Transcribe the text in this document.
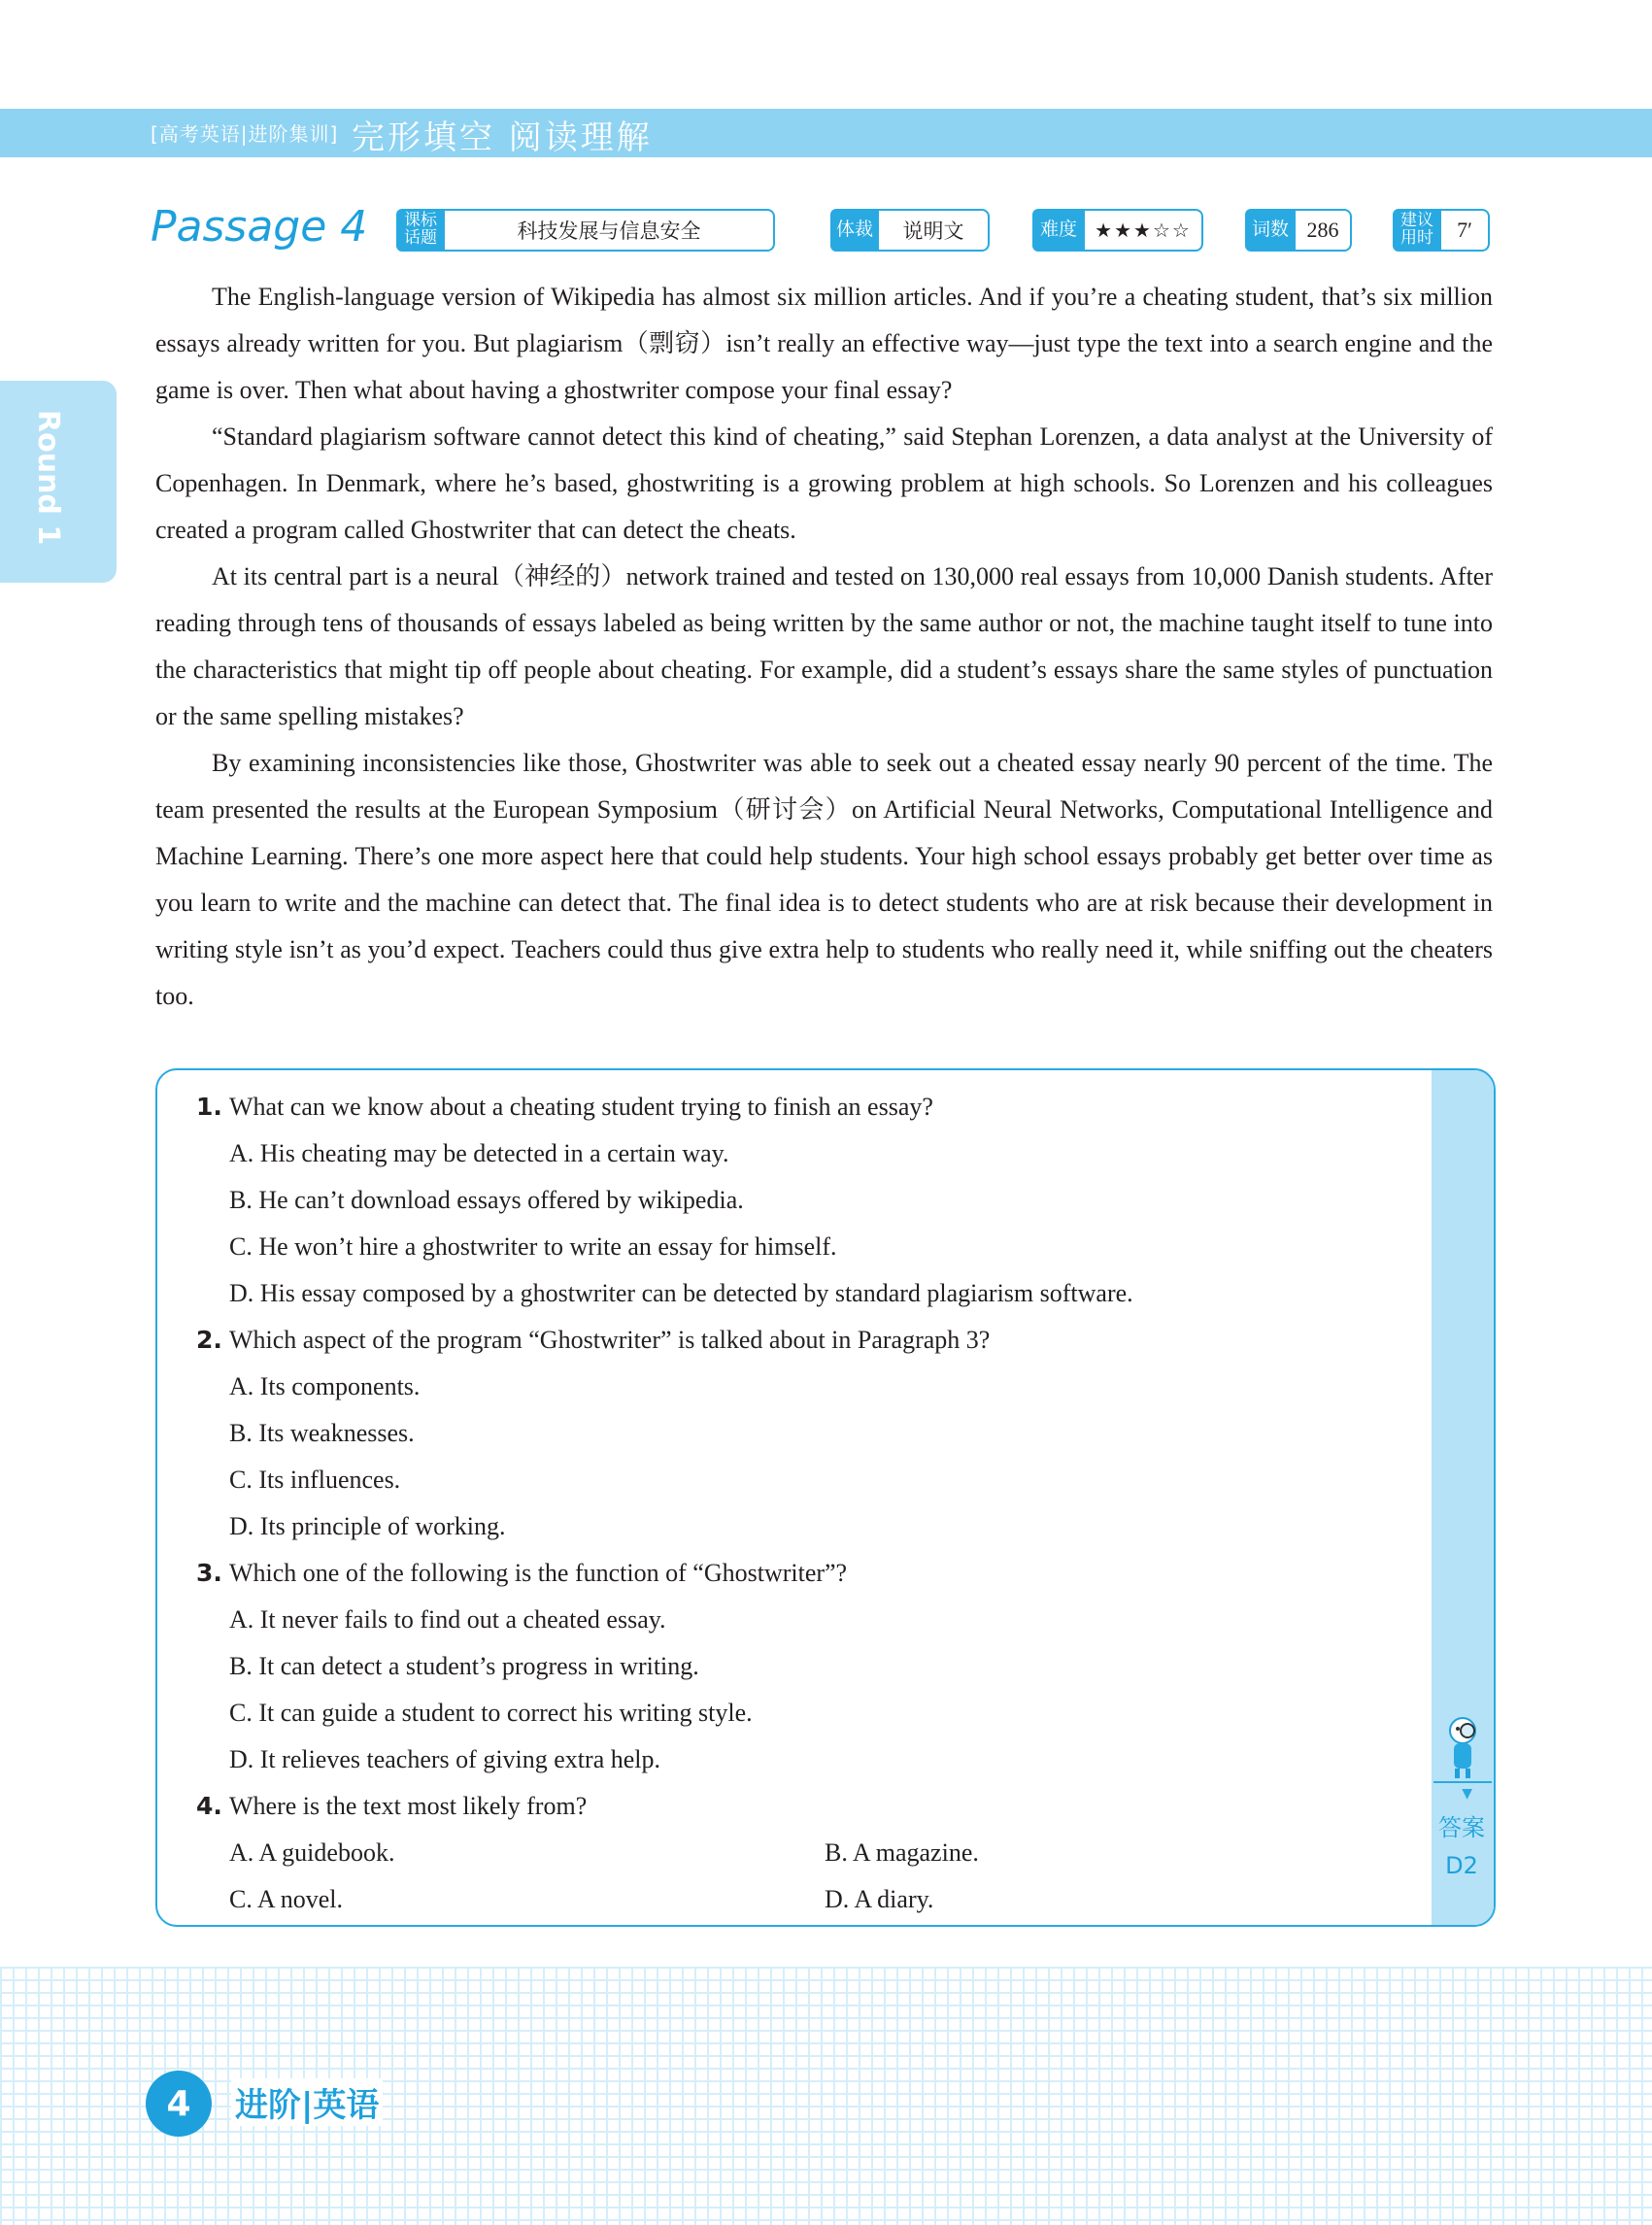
[高考英语|进阶集训] 完形填空 阅读理解
Round 1
Passage 4	课标话题	科技发展与信息安全	体裁	说明文	难度 ★★★☆☆	词数 286	建议用时	7′

The English-language version of Wikipedia has almost six million articles. And if you’re a cheating student, that’s six million essays already written for you. But plagiarism（剽窃）isn’t really an effective way—just type the text into a search engine and the game is over. Then what about having a ghostwriter compose your final essay?

“Standard plagiarism software cannot detect this kind of cheating,” said Stephan Lorenzen, a data analyst at the University of Copenhagen. In Denmark, where he’s based, ghostwriting is a growing problem at high schools. So Lorenzen and his colleagues created a program called Ghostwriter that can detect the cheats.

At its central part is a neural（神经的）network trained and tested on 130,000 real essays from 10,000 Danish students. After reading through tens of thousands of essays labeled as being written by the same author or not, the machine taught itself to tune into the characteristics that might tip off people about cheating. For example, did a student’s essays share the same styles of punctuation or the same spelling mistakes?

By examining inconsistencies like those, Ghostwriter was able to seek out a cheated essay nearly 90 percent of the time. The team presented the results at the European Symposium（研讨会）on Artificial Neural Networks, Computational Intelligence and Machine Learning. There’s one more aspect here that could help students. Your high school essays probably get better over time as you learn to write and the machine can detect that. The final idea is to detect students who are at risk because their development in writing style isn’t as you’d expect. Teachers could thus give extra help to students who really need it, while sniffing out the cheaters too.

▼
答案
D2
1. What can we know about a cheating student trying to finish an essay?
A. His cheating may be detected in a certain way.
B. He can’t download essays offered by wikipedia.
C. He won’t hire a ghostwriter to write an essay for himself.
D. His essay composed by a ghostwriter can be detected by standard plagiarism software.
2. Which aspect of the program “Ghostwriter” is talked about in Paragraph 3?
A. Its components.
B. Its weaknesses.
C. Its influences.
D. Its principle of working.
3. Which one of the following is the function of “Ghostwriter”?
A. It never fails to find out a cheated essay.
B. It can detect a student’s progress in writing.
C. It can guide a student to correct his writing style.
D. It relieves teachers of giving extra help.
4. Where is the text most likely from?
A. A guidebook.	B. A magazine.
C. A novel.	D. A diary.
4	进阶|英语
